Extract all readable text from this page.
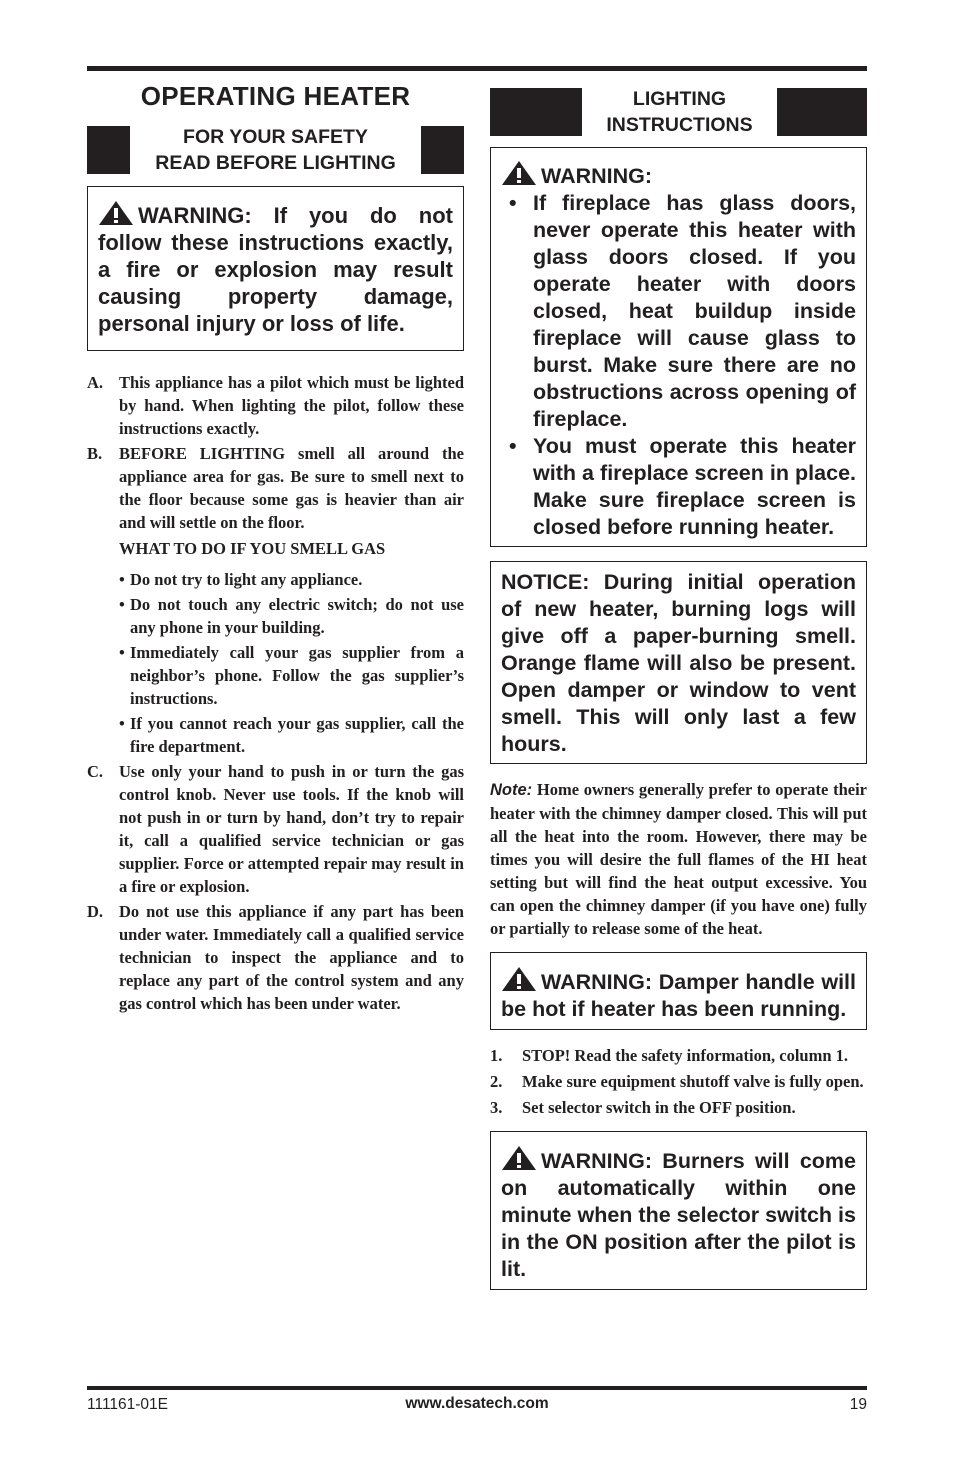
OPERATING HEATER
FOR YOUR SAFETY
READ BEFORE LIGHTING
WARNING: If you do not follow these instructions exactly, a fire or explosion may result causing property damage, personal injury or loss of life.
A. This appliance has a pilot which must be lighted by hand. When lighting the pilot, follow these instructions exactly.
B.	BEFORE LIGHTING smell all around the appliance area for gas. Be sure to smell next to the floor because some gas is heavier than air and will settle on the floor.
WHAT TO DO IF YOU SMELL GAS
• Do not try to light any appliance.
• Do not touch any electric switch; do not use any phone in your building.
• Immediately call your gas supplier from a neighbor’s phone. Follow the gas supplier’s instructions.
• If you cannot reach your gas supplier, call the fire department.
C. Use only your hand to push in or turn the gas control knob. Never use tools. If the knob will not push in or turn by hand, don’t try to repair it, call a qualified service technician or gas supplier. Force or attempted repair may result in a fire or explosion.
D. Do not use this appliance if any part has been under water. Immediately call a qualified service technician to inspect the appliance and to replace any part of the control system and any gas control which has been under water.
LIGHTING
INSTRUCTIONS
WARNING:
• If fireplace has glass doors, never operate this heater with glass doors closed. If you operate heater with doors closed, heat buildup inside fireplace will cause glass to burst. Make sure there are no obstructions across opening of fireplace.
• You must operate this heater with a fireplace screen in place. Make sure fireplace screen is closed before running heater.
NOTICE: During initial operation of new heater, burning logs will give off a paper-burning smell. Orange flame will also be present. Open damper or window to vent smell. This will only last a few hours.
Note: Home owners generally prefer to operate their heater with the chimney damper closed. This will put all the heat into the room. However, there may be times you will desire the full flames of the HI heat setting but will find the heat output excessive. You can open the chimney damper (if you have one) fully or partially to release some of the heat.
WARNING: Damper handle will be hot if heater has been running.
1.	STOP! Read the safety information, column 1.
2.	Make sure equipment shutoff valve is fully open.
3.	Set selector switch in the OFF position.
WARNING: Burners will come on automatically within one minute when the selector switch is in the ON position after the pilot is lit.
111161-01E	www.desatech.com	19
